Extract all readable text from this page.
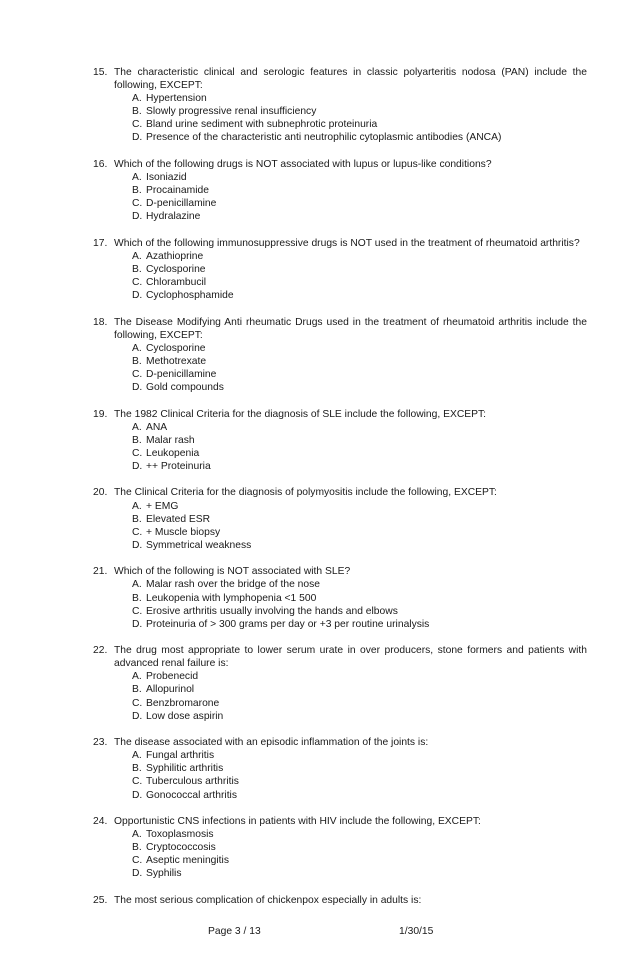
15. The characteristic clinical and serologic features in classic polyarteritis nodosa (PAN) include the following, EXCEPT:
A. Hypertension
B. Slowly progressive renal insufficiency
C. Bland urine sediment with subnephrotic proteinuria
D. Presence of the characteristic anti neutrophilic cytoplasmic antibodies (ANCA)
16. Which of the following drugs is NOT associated with lupus or lupus-like conditions?
A. Isoniazid
B. Procainamide
C. D-penicillamine
D. Hydralazine
17. Which of the following immunosuppressive drugs is NOT used in the treatment of rheumatoid arthritis?
A. Azathioprine
B. Cyclosporine
C. Chlorambucil
D. Cyclophosphamide
18. The Disease Modifying Anti rheumatic Drugs used in the treatment of rheumatoid arthritis include the following, EXCEPT:
A. Cyclosporine
B. Methotrexate
C. D-penicillamine
D. Gold compounds
19. The 1982 Clinical Criteria for the diagnosis of SLE include the following, EXCEPT:
A. ANA
B. Malar rash
C. Leukopenia
D. ++ Proteinuria
20. The Clinical Criteria for the diagnosis of polymyositis include the following, EXCEPT:
A. + EMG
B. Elevated ESR
C. + Muscle biopsy
D. Symmetrical weakness
21. Which of the following is NOT associated with SLE?
A. Malar rash over the bridge of the nose
B. Leukopenia with lymphopenia <1 500
C. Erosive arthritis usually involving the hands and elbows
D. Proteinuria of > 300 grams per day or +3 per routine urinalysis
22. The drug most appropriate to lower serum urate in over producers, stone formers and patients with advanced renal failure is:
A. Probenecid
B. Allopurinol
C. Benzbromarone
D. Low dose aspirin
23. The disease associated with an episodic inflammation of the joints is:
A. Fungal arthritis
B. Syphilitic arthritis
C. Tuberculous arthritis
D. Gonococcal arthritis
24. Opportunistic CNS infections in patients with HIV include the following, EXCEPT:
A. Toxoplasmosis
B. Cryptococcosis
C. Aseptic meningitis
D. Syphilis
25. The most serious complication of chickenpox especially in adults is:
Page 3 / 13	1/30/15
